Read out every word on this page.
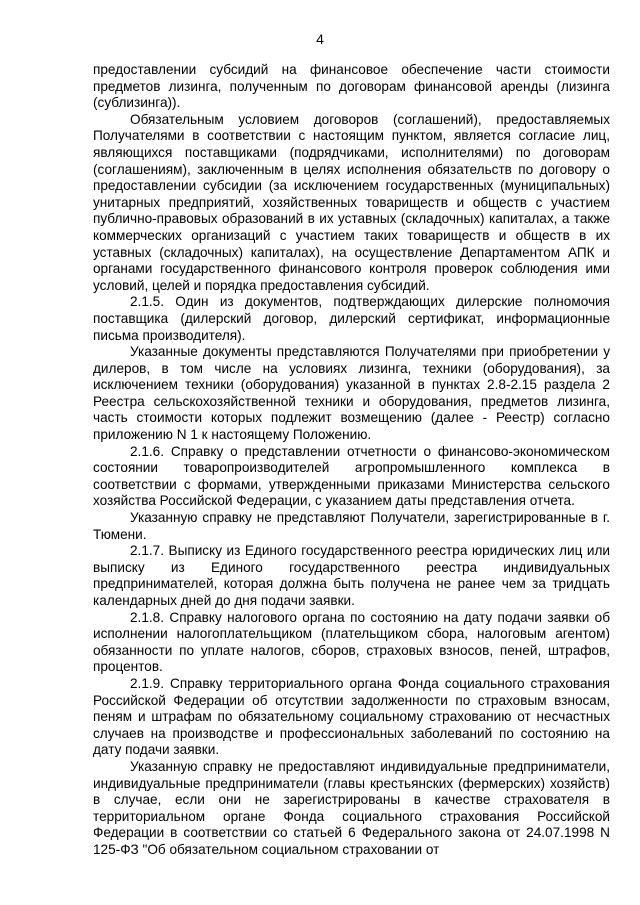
4

предоставлении субсидий на финансовое обеспечение части стоимости предметов лизинга, полученным по договорам финансовой аренды (лизинга (сублизинга)).

Обязательным условием договоров (соглашений), предоставляемых Получателями в соответствии с настоящим пунктом, является согласие лиц, являющихся поставщиками (подрядчиками, исполнителями) по договорам (соглашениям), заключенным в целях исполнения обязательств по договору о предоставлении субсидии (за исключением государственных (муниципальных) унитарных предприятий, хозяйственных товариществ и обществ с участием публично-правовых образований в их уставных (складочных) капиталах, а также коммерческих организаций с участием таких товариществ и обществ в их уставных (складочных) капиталах), на осуществление Департаментом АПК и органами государственного финансового контроля проверок соблюдения ими условий, целей и порядка предоставления субсидий.

2.1.5. Один из документов, подтверждающих дилерские полномочия поставщика (дилерский договор, дилерский сертификат, информационные письма производителя).

Указанные документы представляются Получателями при приобретении у дилеров, в том числе на условиях лизинга, техники (оборудования), за исключением техники (оборудования) указанной в пунктах 2.8-2.15 раздела 2 Реестра сельскохозяйственной техники и оборудования, предметов лизинга, часть стоимости которых подлежит возмещению (далее - Реестр) согласно приложению N 1 к настоящему Положению.

2.1.6. Справку о представлении отчетности о финансово-экономическом состоянии товаропроизводителей агропромышленного комплекса в соответствии с формами, утвержденными приказами Министерства сельского хозяйства Российской Федерации, с указанием даты представления отчета.

Указанную справку не представляют Получатели, зарегистрированные в г. Тюмени.

2.1.7. Выписку из Единого государственного реестра юридических лиц или выписку из Единого государственного реестра индивидуальных предпринимателей, которая должна быть получена не ранее чем за тридцать календарных дней до дня подачи заявки.

2.1.8. Справку налогового органа по состоянию на дату подачи заявки об исполнении налогоплательщиком (плательщиком сбора, налоговым агентом) обязанности по уплате налогов, сборов, страховых взносов, пеней, штрафов, процентов.

2.1.9. Справку территориального органа Фонда социального страхования Российской Федерации об отсутствии задолженности по страховым взносам, пеням и штрафам по обязательному социальному страхованию от несчастных случаев на производстве и профессиональных заболеваний по состоянию на дату подачи заявки.

Указанную справку не предоставляют индивидуальные предприниматели, индивидуальные предприниматели (главы крестьянских (фермерских) хозяйств) в случае, если они не зарегистрированы в качестве страхователя в территориальном органе Фонда социального страхования Российской Федерации в соответствии со статьей 6 Федерального закона от 24.07.1998 N 125-ФЗ "Об обязательном социальном страховании от
